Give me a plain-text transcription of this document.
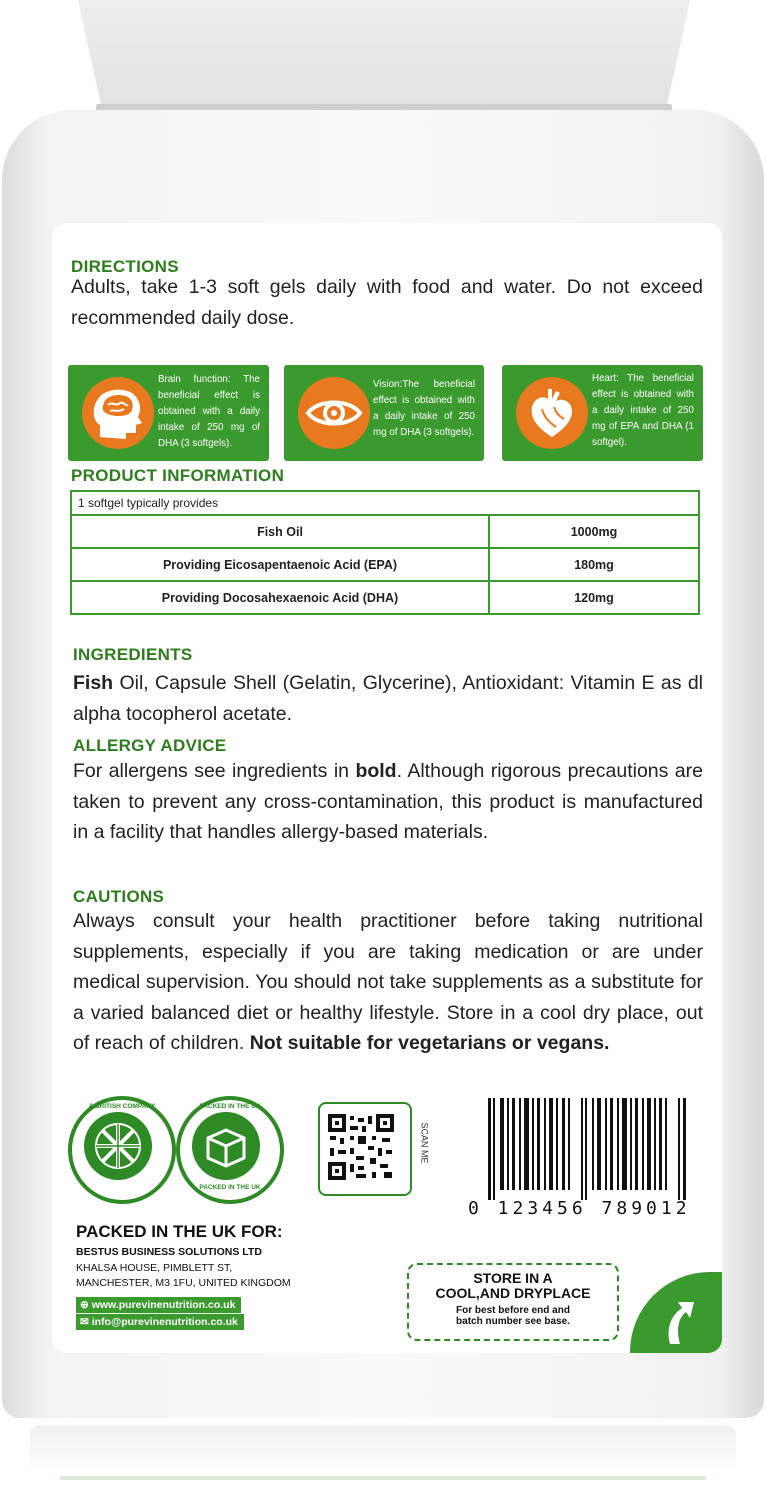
DIRECTIONS
Adults, take 1-3 soft gels daily with food and water. Do not exceed recommended daily dose.
Brain function: The beneficial effect is obtained with a daily intake of 250 mg of DHA (3 softgels).
Vision:The beneficial effect is obtained with a daily intake of 250 mg of DHA (3 softgels).
Heart: The beneficial effect is obtained with a daily intake of 250 mg of EPA and DHA (1 softgel).
PRODUCT INFORMATION
1 softgel typically provides	
Fish Oil	1000mg
Providing Eicosapentaenoic Acid (EPA)	180mg
Providing Docosahexaenoic Acid (DHA)	120mg
INGREDIENTS
Fish Oil, Capsule Shell (Gelatin, Glycerine), Antioxidant: Vitamin E as dl alpha tocopherol acetate.
ALLERGY ADVICE
For allergens see ingredients in bold. Although rigorous precautions are taken to prevent any cross-contamination, this product is manufactured in a facility that handles allergy-based materials.
CAUTIONS
Always consult your health practitioner before taking nutritional supplements, especially if you are taking medication or are under medical supervision. You should not take supplements as a substitute for a varied balanced diet or healthy lifestyle. Store in a cool dry place, out of reach of children. Not suitable for vegetarians or vegans.
A BRITISH COMPANY	PACKED IN THE UK
PACKED IN THE UK
SCAN ME
0 123456 789012
PACKED IN THE UK FOR:
BESTUS BUSINESS SOLUTIONS LTD
KHALSA HOUSE, PIMBLETT ST,
MANCHESTER, M3 1FU, UNITED KINGDOM
⊕ www.purevinenutrition.co.uk
✉ info@purevinenutrition.co.uk
STORE IN A
COOL,AND DRYPLACE
For best before end and
batch number see base.
